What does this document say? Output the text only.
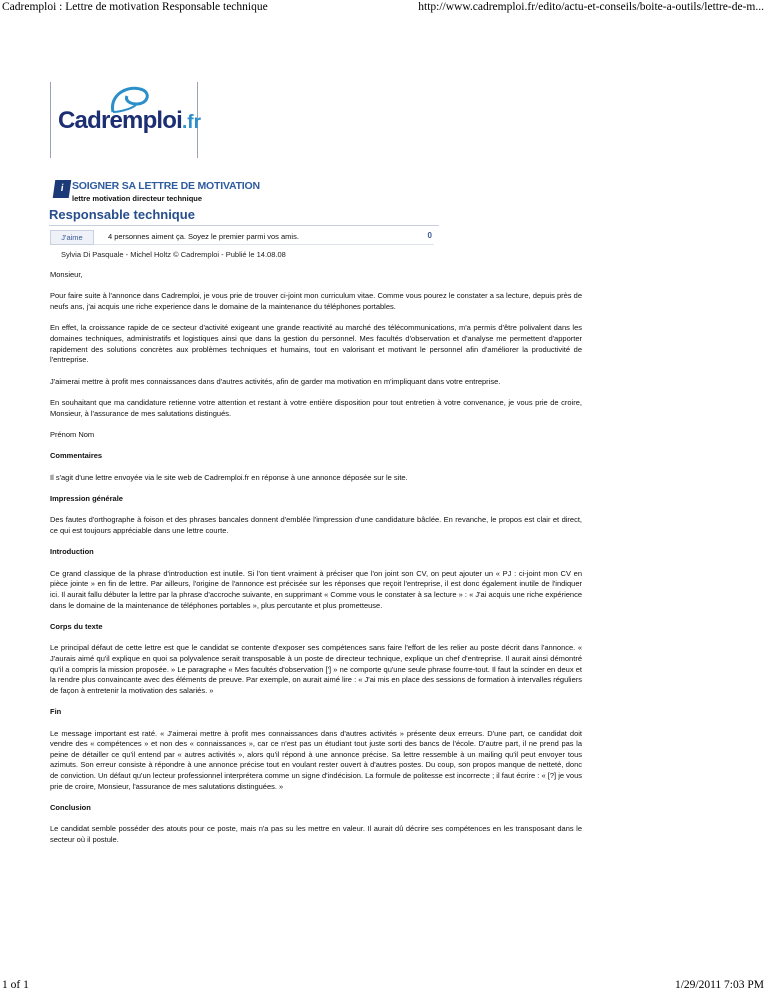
Cadremploi : Lettre de motivation Responsable technique	http://www.cadremploi.fr/edito/actu-et-conseils/boite-a-outils/lettre-de-m...
Cadremploi.fr
i SOIGNER SA LETTRE DE MOTIVATION
lettre motivation directeur technique
Responsable technique
J'aime	4 personnes aiment ça. Soyez le premier parmi vos amis.	0
Sylvia Di Pasquale - Michel Holtz © Cadremploi - Publié le 14.08.08

Monsieur,

Pour faire suite à l'annonce dans Cadremploi, je vous prie de trouver ci-joint mon curriculum vitae. Comme vous pourez le constater a sa lecture, depuis près de neufs ans, j'ai acquis une riche experience dans le domaine de la maintenance du téléphones portables.

En effet, la croissance rapide de ce secteur d'activité exigeant une grande reactivité au marché des télécommunications, m'a permis d'être polivalent dans les domaines techniques, administratifs et logistiques ainsi que dans la gestion du personnel. Mes facultés d'observation et d'analyse me permettent d'apporter rapidement des solutions concrètes aux problèmes techniques et humains, tout en valorisant et motivant le personnel afin d'améliorer la productivité de l'entreprise.

J'aimerai mettre à profit mes connaissances dans d'autres activités, afin de garder ma motivation en m'impliquant dans votre entreprise.

En souhaitant que ma candidature retienne votre attention et restant à votre entière disposition pour tout entretien à votre convenance, je vous prie de croire, Monsieur, à l'assurance de mes salutations distingués.

Prénom Nom

Commentaires

Il s'agit d'une lettre envoyée via le site web de Cadremploi.fr en réponse à une annonce déposée sur le site.

Impression générale

Des fautes d'orthographe à foison et des phrases bancales donnent d'emblée l'impression d'une candidature bâclée. En revanche, le propos est clair et direct, ce qui est toujours appréciable dans une lettre courte.

Introduction

Ce grand classique de la phrase d'introduction est inutile. Si l'on tient vraiment à préciser que l'on joint son CV, on peut ajouter un « PJ : ci-joint mon CV en pièce jointe » en fin de lettre. Par ailleurs, l'origine de l'annonce est précisée sur les réponses que reçoit l'entreprise, il est donc également inutile de l'indiquer ici. Il aurait fallu débuter la lettre par la phrase d'accroche suivante, en supprimant « Comme vous le constater à sa lecture » : « J'ai acquis une riche expérience dans le domaine de la maintenance de téléphones portables », plus percutante et plus prometteuse.

Corps du texte

Le principal défaut de cette lettre est que le candidat se contente d'exposer ses compétences sans faire l'effort de les relier au poste décrit dans l'annonce. « J'aurais aimé qu'il explique en quoi sa polyvalence serait transposable à un poste de directeur technique, explique un chef d'entreprise. Il aurait ainsi démontré qu'il a compris la mission proposée. » Le paragraphe « Mes facultés d'observation ['] » ne comporte qu'une seule phrase fourre-tout. Il faut la scinder en deux et la rendre plus convaincante avec des éléments de preuve. Par exemple, on aurait aimé lire : « J'ai mis en place des sessions de formation à intervalles réguliers de façon à entretenir la motivation des salariés. »

Fin

Le message important est raté. « J'aimerai mettre à profit mes connaissances dans d'autres activités » présente deux erreurs. D'une part, ce candidat doit vendre des « compétences » et non des « connaissances », car ce n'est pas un étudiant tout juste sorti des bancs de l'école. D'autre part, il ne prend pas la peine de détailler ce qu'il entend par « autres activités », alors qu'il répond à une annonce précise. Sa lettre ressemble à un mailing qu'il peut envoyer tous azimuts. Son erreur consiste à répondre à une annonce précise tout en voulant rester ouvert à d'autres postes. Du coup, son propos manque de netteté, donc de conviction. Un défaut qu'un lecteur professionnel interprétera comme un signe d'indécision. La formule de politesse est incorrecte ; il faut écrire : « [?] je vous prie de croire, Monsieur, l'assurance de mes salutations distinguées. »

Conclusion

Le candidat semble posséder des atouts pour ce poste, mais n'a pas su les mettre en valeur. Il aurait dû décrire ses compétences en les transposant dans le secteur où il postule.

1 of 1	1/29/2011 7:03 PM
